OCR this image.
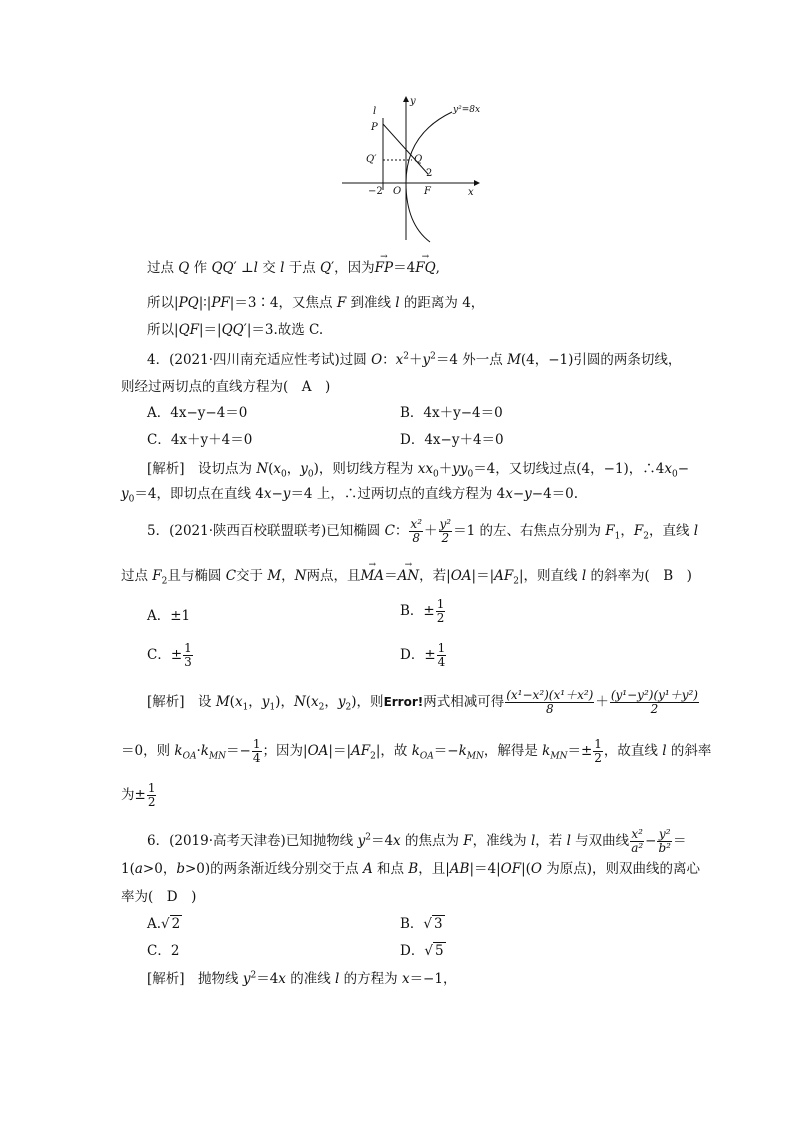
l
y
y²=8x
P
Q′	Q
2
−2 O F	x
过点 Q 作 QQ′ ⊥l 交 l 于点 Q′，因为→ FP＝4→ FQ,
所以|PQ|∶|PF|＝3∶4，又焦点 F 到准线 l 的距离为 4，
所以|QF|＝|QQ′|＝3.故选 C.
4．(2021·四川南充适应性考试)过圆 O：$x^2+y^2=4$ 外一点 M(4，−1)引圆的两条切线，
则经过两切点的直线方程为(　A　)
A．4x−y−4＝0	B．4x＋y−4＝0
C．4x＋y＋4＝0	D．4x−y＋4＝0
[解析]　设切点为 $N(x_0$，$y_0$)，则切线方程为 $xx_0+yy_0=4$，又切线过点(4，−1)，$\therefore 4x_0-$
$y_0=4$，即切点在直线 4x−y＝4 上，∴过两切点的直线方程为 4x−y−4＝0.
5．(2021·陕西百校联盟联考)已知椭圆 C： $\frac{\text{x²}}{8} + \frac{\text{y²}}{2} =1$ 的左、右焦点分别为 $F_1$，$F_2$，直线 l
过点 $F_2$且与椭圆 C交于 M，N两点，且→ MA＝→ AN，若$|OA|=|AF_2|$，则直线 l 的斜率为(　B　)
A．±1	B．± $\frac{1}{2}$
C．± $\frac{1}{3}$	D．± $\frac{1}{4}$
[解析]　设 $M(x_1$，$y_1$)，$N(x_2$，$y_2$)，则Error!两式相减可得 $\frac{\text{(x¹−x²)(x¹＋x²)}}{8} + \frac{\text{(y¹−y²)(y¹＋y²)}}{2}$
＝0，则 $k_{OA}\cdot k_{MN}=- \frac{1}{4}$ ；因为$|OA|=|AF_2|$，故 $k_{OA}=-k_{MN}$，解得是 $k_{MN}=\pm \frac{1}{2}$ ，故直线 l 的斜率
为± $\frac{1}{2}$
6．(2019·高考天津卷)已知抛物线 $y^2=4x$ 的焦点为 F，准线为 l，若 l 与双曲线 $\frac{\text{x²}}{\text{a²}} - \frac{\text{y²}}{\text{b²}}$ ＝
1(a>0，b>0)的两条渐近线分别交于点 A 和点 B，且|AB|＝4|OF|(O 为原点)，则双曲线的离心
率为(　D　)
A.√ 2	B．√ 3
C．2	D．√ 5
[解析]　抛物线 $y^2=4x$ 的准线 l 的方程为 x＝−1，
